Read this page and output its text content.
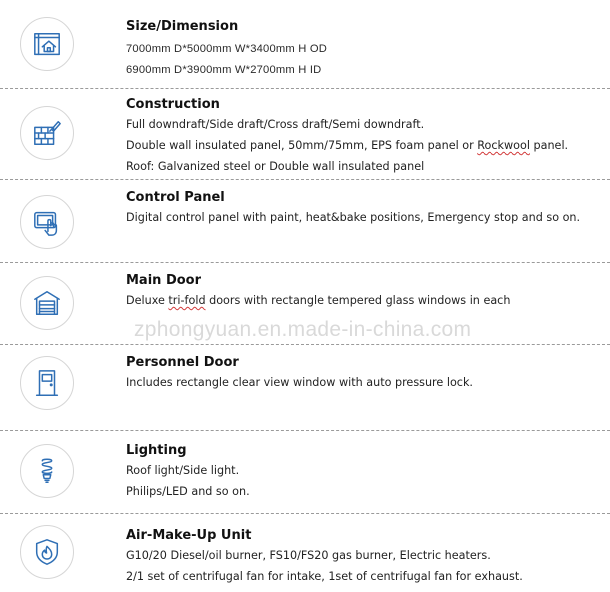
Size/Dimension
7000mm D*5000mm W*3400mm H OD
6900mm D*3900mm W*2700mm H ID
Construction
Full downdraft/Side draft/Cross draft/Semi downdraft.
Double wall insulated panel, 50mm/75mm, EPS foam panel or Rockwool panel.
Roof: Galvanized steel or Double wall insulated panel
Control Panel
Digital control panel with paint, heat&bake positions, Emergency stop and so on.
Main Door
Deluxe tri-fold doors with rectangle tempered glass windows in each
Personnel Door
Includes rectangle clear view window with auto pressure lock.
Lighting
Roof light/Side light.
Philips/LED and so on.
Air-Make-Up Unit
G10/20 Diesel/oil burner, FS10/FS20 gas burner, Electric heaters.
2/1 set of centrifugal fan for intake, 1set of centrifugal fan for exhaust.
zphongyuan.en.made-in-china.com
